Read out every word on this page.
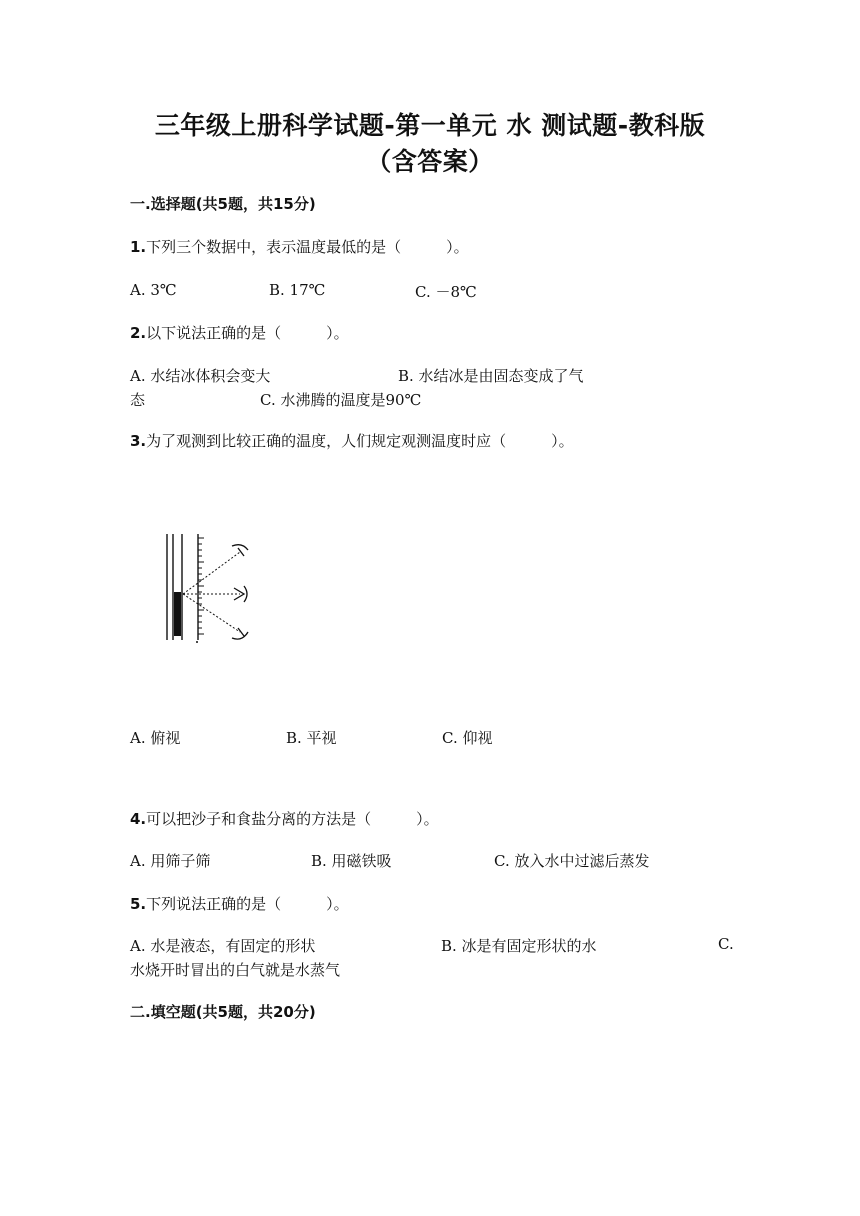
三年级上册科学试题-第一单元 水 测试题-教科版
（含答案）
一.选择题(共5题，共15分)
1.下列三个数据中，表示温度最低的是（　　　）。
A. 3℃	B. 17℃	C. －8℃
2.以下说法正确的是（　　　）。
A. 水结冰体积会变大	B. 水结冰是由固态变成了气
态	C. 水沸腾的温度是90℃
3.为了观测到比较正确的温度，人们规定观测温度时应（　　　）。
A. 俯视	B. 平视	C. 仰视
4.可以把沙子和食盐分离的方法是（　　　）。
A. 用筛子筛	B. 用磁铁吸	C. 放入水中过滤后蒸发
5.下列说法正确的是（　　　）。
A. 水是液态，有固定的形状	B. 冰是有固定形状的水	C.
水烧开时冒出的白气就是水蒸气
二.填空题(共5题，共20分)
